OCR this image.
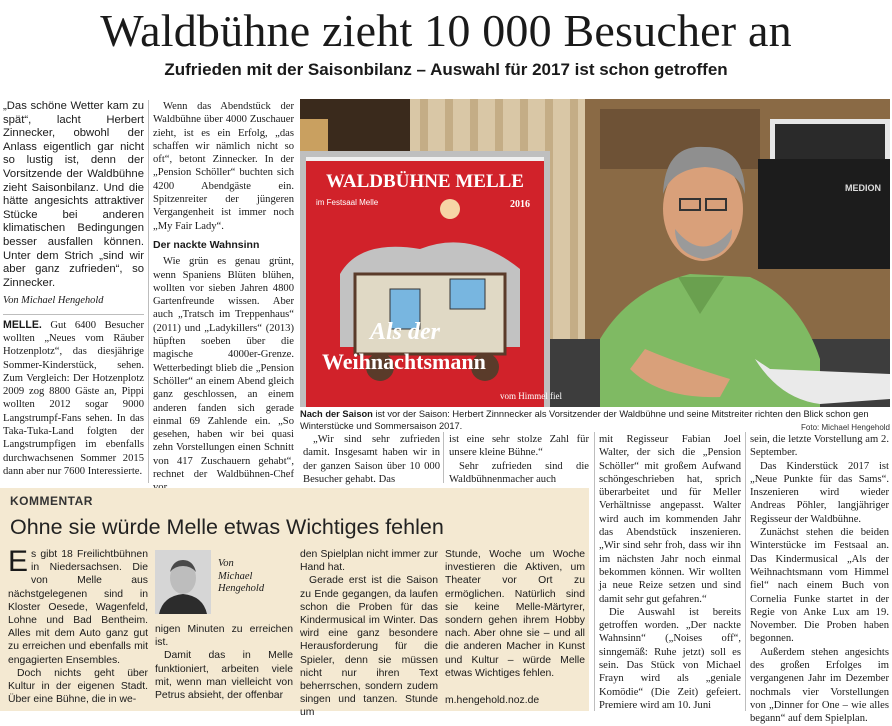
Waldbühne zieht 10 000 Besucher an
Zufrieden mit der Saisonbilanz – Auswahl für 2017 ist schon getroffen
„Das schöne Wetter kam zu spät“, lacht Herbert Zinnecker, obwohl der Anlass eigentlich gar nicht so lustig ist, denn der Vorsitzende der Waldbühne zieht Saisonbilanz. Und die hätte angesichts attraktiver Stücke bei anderen klimatischen Bedingungen besser ausfallen können. Unter dem Strich „sind wir aber ganz zufrieden“, so Zinnecker.
Von Michael Hengehold

MELLE. Gut 6400 Besucher wollten „Neues vom Räuber Hotzenplotz“, das diesjährige Sommer-Kinderstück, sehen. Zum Vergleich: Der Hotzenplotz 2009 zog 8800 Gäste an, Pippi wollten 2012 sogar 9000 Langstrumpf-Fans sehen. In das Taka-Tuka-Land folgten der Langstrumpfigen im ebenfalls durchwachsenen Sommer 2015 dann aber nur 7600 Interessierte.

Wenn das Abendstück der Waldbühne über 4000 Zuschauer zieht, ist es ein Erfolg, „das schaffen wir nämlich nicht so oft“, betont Zinnecker. In der „Pension Schöller“ buchten sich 4200 Abendgäste ein. Spitzenreiter der jüngeren Vergangenheit ist immer noch „My Fair Lady“.

Der nackte Wahnsinn

Wie grün es genau grünt, wenn Spaniens Blüten blühen, wollten vor sieben Jahren 4800 Gartenfreunde wissen. Aber auch „Tratsch im Treppenhaus“ (2011) und „Ladykillers“ (2013) hüpften soeben über die magische 4000er-Grenze. Wetterbedingt blieb die „Pension Schöller“ an einem Abend gleich ganz geschlossen, an einem anderen fanden sich gerade einmal 69 Zahlende ein. „So gesehen, haben wir bei quasi zehn Vorstellungen einen Schnitt von 417 Zuschauern gehabt“, rechnet der Waldbühnen-Chef

WALDBÜHNE MELLE
im Festsaal Melle	2016
vom Himmel fiel
Als der
Weihnachtsmann
MEDION
Nach der Saison ist vor der Saison: Herbert Zinnnecker als Vorsitzender der Waldbühne und seine Mitstreiter richten den Blick schon gen Winterstücke und Sommersaison 2017.	Foto: Michael Hengehold

„Wir sind sehr zufrieden damit. Insgesamt haben wir in der ganzen Saison über 10 000 Besucher gehabt. Das

ist eine sehr stolze Zahl für unsere kleine Bühne.“

Sehr zufrieden sind die Waldbühnenmacher auch

mit Regisseur Fabian Joel Walter, der sich die „Pension Schöller“ mit großem Aufwand schöngeschrieben hat, sprich überarbeitet und für Meller Verhältnisse angepasst. Walter wird auch im kommenden Jahr das Abendstück inszenieren. „Wir sind sehr froh, dass wir ihn im nächsten Jahr noch einmal bekommen können. Wir wollten ja neue Reize setzen und sind damit sehr gut gefahren.“

Die Auswahl ist bereits getroffen worden. „Der nackte Wahnsinn“ („Noises off“, sinngemäß: Ruhe jetzt) soll es sein. Das Stück von Michael Frayn wird als „geniale Komödie“ (Die Zeit) gefeiert. Premiere wird am 10. Juni

sein, die letzte Vorstellung am 2. September.

Das Kinderstück 2017 ist „Neue Punkte für das Sams“. Inszenieren wird wieder Andreas Pöhler, langjähriger Regisseur der Waldbühne.

Zunächst stehen die beiden Winterstücke im Festsaal an. Das Kindermusical „Als der Weihnachtsmann vom Himmel fiel“ nach einem Buch von Cornelia Funke startet in der Regie von Anke Lux am 19. November. Die Proben haben begonnen.

Außerdem stehen angesichts des großen Erfolges im vergangenen Jahr im Dezember nochmals vier Vorstellungen von „Dinner for One – wie alles begann“ auf dem Spielplan.

KOMMENTAR
Ohne sie würde Melle etwas Wichtiges fehlen

Es gibt 18 Freilichtbühnen in Niedersachsen. Die von Melle aus nächstgelegenen sind in Kloster Oesede, Wagenfeld, Lohne und Bad Bentheim. Alles mit dem Auto ganz gut zu erreichen und ebenfalls mit engagierten Ensembles.

Doch nichts geht über Kultur in der eigenen Stadt. Über eine Bühne, die in we-

Von
Michael
Hengehold

nigen Minuten zu erreichen ist.

Damit das in Melle funktioniert, arbeiten viele mit, wenn man vielleicht von Petrus absieht, der offenbar

den Spielplan nicht immer zur Hand hat.

Gerade erst ist die Saison zu Ende gegangen, da laufen schon die Proben für das Kindermusical im Winter. Das wird eine ganz besondere Herausforderung für die Spieler, denn sie müssen nicht nur ihren Text beherrschen, sondern zudem singen und tanzen. Stunde um

Stunde, Woche um Woche investieren die Aktiven, um Theater vor Ort zu ermöglichen. Natürlich sind sie keine Melle-Märtyrer, sondern gehen ihrem Hobby nach. Aber ohne sie – und all die anderen Macher in Kunst und Kultur – würde Melle etwas Wichtiges fehlen.

m.hengehold.noz.de
